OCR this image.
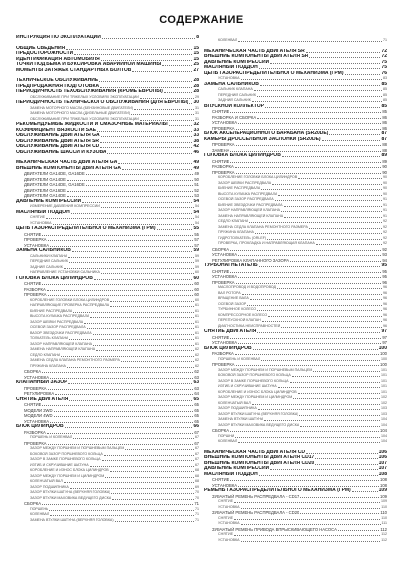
СОДЕРЖАНИЕ
ИНСТРУКЦИЯ ПО ЭКСПЛУАТАЦИИ	8
ОБЩИЕ СВЕДЕНИЯ	15
ПРЕДОСТОРОЖНОСТИ	15
ИДЕНТИФИКАЦИЯ АВТОМОБИЛЯ	15
ТОЧКИ ПОДЪЕМА И БУКСИРОВКА АВАРИЙНОЙ МАШИНЫ	25
МОМЕНТЫ ЗАТЯЖЕК СТАНДАРТНЫХ БОЛТОВ	27
ТЕХНИЧЕСКОЕ ОБСЛУЖИВАНИЕ	28
ПРЕДПРОДАЖНАЯ ПОДГОТОВКА	28
ПЕРИОДИЧНОСТЬ ТЕХОБСЛУЖИВАНИЯ (КРОМЕ ЕВРОПЫ)	28
ОБСЛУЖИВАНИЕ ПРИ ТЯЖЕЛЫХ УСЛОВИЯХ ЭКСПЛУАТАЦИИ	29
ПЕРИОДИЧНОСТЬ ТЕХНИЧЕСКОГО ОБСЛУЖИВАНИЯ (ДЛЯ ЕВРОПЫ) 30
ЗАМЕНА МОТОРНОГО МАСЛА (БЕНЗИНОВЫЕ ДВИГАТЕЛИ)	31
ЗАМЕНА МОТОРНОГО МАСЛА (ДИЗЕЛЬНЫЕ ДВИГАТЕЛИ)	31
ОБСЛУЖИВАНИЕ ПРИ ТЯЖЕЛЫХ УСЛОВИЯХ ЭКСПЛУАТАЦИИ	31
РЕКОМЕНДУЕМЫЕ ЖИДКОСТИ И СМАЗОЧНЫЕ МАТЕРИАЛЫ	32
КОЭФФИЦИЕНТ ВЯЗКОСТИ SAE	33
ОБСЛУЖИВАНИЕ ДВИГАТЕЛЯ GA	33
ОБСЛУЖИВАНИЕ ДВИГАТЕЛЯ SR	38
ОБСЛУЖИВАНИЕ ДВИГАТЕЛЯ CD	42
ОБСЛУЖИВАНИЕ ШАССИ И КУЗОВА	46
МЕХАНИЧЕСКАЯ ЧАСТЬ ДВИГАТЕЛЯ GA	49
ВНЕШНИЕ КОМПОНЕНТЫ ДВИГАТЕЛЯ GA	49
ДВИГАТЕЛИ GA14DE, GA16DE	49
ДВИГАТЕЛИ GA14DE	50
ДВИГАТЕЛИ GA14DE, GA16DE	51
ДВИГАТЕЛИ GA16DE	52
ДВИГАТЕЛИ GA14DE	53
ДАВЛЕНИЕ КОМПРЕССИИ	54
ИЗМЕРЕНИЕ ДАВЛЕНИЯ КОМПРЕССИИ	54
МАСЛЯНЫЙ ПОДДОН	54
СНЯТИЕ	54
УСТАНОВКА	54
ЦЕПЬ ГАЗОРАСПРЕДЕЛИТЕЛЬНОГО МЕХАНИЗМА (ГРМ)	55
СНЯТИЕ	55
ПРОВЕРКА	57
УСТАНОВКА	57
ЗАМЕНА САЛЬНИКОВ	59
САЛЬНИКИ КЛАПАНА	59
ПЕРЕДНИЙ САЛЬНИК	59
ЗАДНИЙ САЛЬНИК	59
НАПРАВЛЕНИЕ УСТАНОВКИ САЛЬНИКА	60
ГОЛОВКА БЛОКА ЦИЛИНДРОВ	60
СНЯТИЕ	60
РАЗБОРКА	60
ПРОВЕРКА	60
КОРОБЛЕНИЕ ГОЛОВКИ БЛОКА ЦИЛИНДРОВ	60
НАПРАВЛЯЮЩИЕ ПРОВЕРКА РАСПРЕДВАЛА	61
БИЕНИЕ РАСПРЕДВАЛА	61
ВЫСОТА КУЛАЧКА РАСПРЕДВАЛА	61
ЗАЗОР ШЕЙКИ РАСПРЕДВАЛА	61
ОСЕВОЙ ЗАЗОР РАСПРЕДВАЛА	61
ВАЗОР ЗВЕЗДОЧКИ РАСПРЕДВАЛА	61
ТОЛКАТЕЛЬ КЛАПАНА	61
ЗАЗОР НАПРАВЛЯЮЩЕЙ КЛАПАНА	61
ЗАМЕНА НАПРАВЛЯЮЩЕЙ КЛАПАНА	62
СЕДЛО КЛАПАНА	62
ЗАМЕНА СЕДЛА КЛАПАНА РЕМОНТНОГО РАЗМЕРА	62
ПРУЖИНА КЛАПАНА	62
СБОРКА	62
УСТАНОВКА	63
КЛАПАННЫЙ ЗАЗОР	63
ПРОВЕРКА	63
РЕГУЛИРОВКА	64
СНЯТИЕ ДВИГАТЕЛЯ	65
СНЯТИЕ	65
МОДЕЛИ 2WD	65
МОДЕЛИ 4WD	65
УСТАНОВКА	65
БЛОК ЦИЛИНДРОВ	66
РАЗБОРКА	67
ПОРШЕНЬ И КОЛЕНВАЛ	67
ПРОВЕРКА	67
ЗАЗОР МЕЖДУ ПОРШНЕМ И ПОРШНЕВЫМ ПАЛЬЦЕМ	67
БОКОВОЙ ЗАЗОР ПОРШНЕВОГО КОЛЬЦА	67
ЗАЗОР В ЗАМКЕ ПОРШНЕВОГО КОЛЬЦА	67
ИЗГИБ И СКРУЧИВАНИЕ ШАТУНА	67
КОРОБЛЕНИЕ И ИЗНОС БЛОКА ЦИЛИНДРОВ	68
ЗАЗОР МЕЖДУ ПОРШНЕМ И ЦИЛИНДРОМ	68
КОЛЕНЧАТЫЙ ВАЛ	68
ЗАЗОР ПОДШИПНИКА	69
ЗАЗОР ВТУЛКИ ШАТУНА (ВЕРХНЯЯ ГОЛОВКА)	70
ЗАЗОР ВТУЛКИ МАХОВИКА ВЕДУЩЕГО ДИСКА	70
СБОРКА	71
ПОРШЕНЬ	71
КОЛЕНВАЛ	71
ЗАМЕНА ВТУЛКИ ШАТУНА (ВЕРХНЯЯ ГОЛОВКА)	71
КОЛЕНВАЛ	71
МЕХАНИЧЕСКАЯ ЧАСТЬ ДВИГАТЕЛЯ SR	72
ВНЕШНИЕ КОМПОНЕНТЫ ДВИГАТЕЛЯ SR	72
ДАВЛЕНИЕ КОМПРЕССИИ	75
МАСЛЯНЫЙ ПОДДОН	75
ЦЕПЬ ГАЗОРАСПРЕДЕЛИТЕЛЬНОГО МЕХАНИЗМА (ГРМ)	76
УСТАНОВКА	83
ЗАМЕНА САЛЬНИКОВ	85
САЛЬНИК КЛАПАНА	85
ПЕРЕДНИЙ САЛЬНИК	85
ЗАДНИЙ САЛЬНИК	85
ВПУСКНОЙ КОЛЛЕКТОР	85
СНЯТИЕ	85
РАЗБОРКА И СБОРКА	86
УСТАНОВКА	86
ПРОВЕРКА	86
БЛОК АКСЕЛЕРАЦИОННОГО БАРАБАНА (SR20DE)	87
КАМЕРЫ ДРОССЕЛЬНОЙ ЗАСЛОНКИ (SR20DE)	87
ПРОВЕРКА	88
ЗАМЕНА	88
ГОЛОВКА БЛОКА ЦИЛИНДРОВ	89
СНЯТИЕ	89
РАЗБОРКА	90
ПРОВЕРКА	90
КОРОБЛЕНИЕ ГОЛОВКИ БЛОКА ЦИЛИНДРОВ	90
ЗАЗОР ШЕЙКИ РАСПРЕДВАЛА	90
БИЕНИЕ РАСПРЕДВАЛА	90
ВЫСОТА КУЛАЧКА РАСПРЕДВАЛА	90
ОСЕВОЙ ЗАЗОР РАСПРЕДВАЛА	91
БИЕНИЕ ЗВЕЗДОЧКИ РАСПРЕДВАЛА	91
ЗАЗОР НАПРАВЛЯЮЩЕЙ КЛАПАНА	91
ЗАМЕНА НАПРАВЛЯЮЩЕЙ КЛАПАНА	91
СЕДЛО КЛАПАНА	92
ЗАМЕНА СЕДЛА КЛАПАНА РЕМОНТНОГО РАЗМЕРА	92
ПРУЖИНА КЛАПАНА	92
ГИДРОТОЛКАТЕЛЬ (ORLEF)	92
ПРОВЕРКА, ПРОКЛАДКА И НАПРАВЛЯЮЩАЯ КЛАПАНА	92
СБОРКА	92
УСТАНОВКА	93
РЕГУЛИРОВКА КЛАПАННОГО ЗАЗОРА	94
ТУРБОНАГНЕТАТЕЛЬ	95
СНЯТИЕ	95
УСТАНОВКА	95
ПРОВЕРКА	96
МАСЛОПРОВОД И ВОДОПРОВОД	96
ВАЛ РОТОРА	96
ВРАЩЕНИЕ ВАЛА	96
ОСЕВОЙ ЗАЗОР	96
ТУРБИННОЕ КОЛЕСО	96
КОМПРЕССОРНОЕ КОЛЕСО	96
ПЕРЕПУСКНОЙ КЛАПАН	96
ДИАГНОСТИКА НЕИСПРАВНОСТЕЙ	96
СНЯТИЕ ДВИГАТЕЛЯ	97
СНЯТИЕ	97
УСТАНОВКА	97
БЛОК ЦИЛИНДРОВ	100
РАЗБОРКА	100
ПОРШЕНЬ И КОЛЕНВАЛ	100
ПРОВЕРКА	100
ЗАЗОР МЕЖДУ ПОРШНЕМ И ПОРШНЕВЫМ ПАЛЬЦЕМ	101
БОКОВОЙ ЗАЗОР ПОРШНЕВОГО КОЛЬЦА	101
ЗАЗОР В ЗАМКЕ ПОРШНЕВОГО КОЛЬЦА	101
ИЗГИБ И СКРУЧИВАНИЕ ШАТУНА	101
КОРОБЛЕНИЕ И ИЗНОС БЛОКА ЦИЛИНДРОВ	101
ЗАЗОР МЕЖДУ ПОРШНЕМ И ЦИЛИНДРОМ	102
КОЛЕНЧАТЫЙ ВАЛ	102
ЗАЗОР ПОДШИПНИКА	103
ЗАЗОР ВТУЛКИ ШАТУНА (ВЕРХНЯЯ ГОЛОВКА)	103
ЗАМЕНА ВТУЛКИ ШАТУНА	104
ЗАЗОР ВТУЛКИ МАХОВИКА ВЕДУЩЕГО ДИСКА	104
СБОРКА	104
ПОРШНИ	104
КОЛЕНВАЛ	104
МЕХАНИЧЕСКАЯ ЧАСТЬ ДВИГАТЕЛЯ CD	106
ВНЕШНИЕ КОМПОНЕНТЫ ДВИГАТЕЛЯ CD17	106
ВНЕШНИЕ КОМПОНЕНТЫ ДВИГАТЕЛЯ CD20	107
ДАВЛЕНИЕ КОМПРЕССИИ	107
МАСЛЯНЫЙ ПОДДОН	108
СНЯТИЕ	108
УСТАНОВКА	108
РЕМЕНЬ ГАЗОРАСПРЕДЕЛИТЕЛЬНОГО МЕХАНИЗМА (ГРМ)	109
ЗУБЧАТЫЙ РЕМЕНЬ РАСПРЕДВАЛА - CD17	109
СНЯТИЕ	109
УСТАНОВКА	110
ЗУБЧАТЫЙ РЕМЕНЬ РАСПРЕДВАЛА - CD20	110
СНЯТИЕ	110
УСТАНОВКА	111
ЗУБЧАТЫЙ РЕМЕНЬ ПРИВОДА ВПРЫСКИВАЮЩЕГО НАСОСА	112
СНЯТИЕ	112
УСТАНОВКА	112
